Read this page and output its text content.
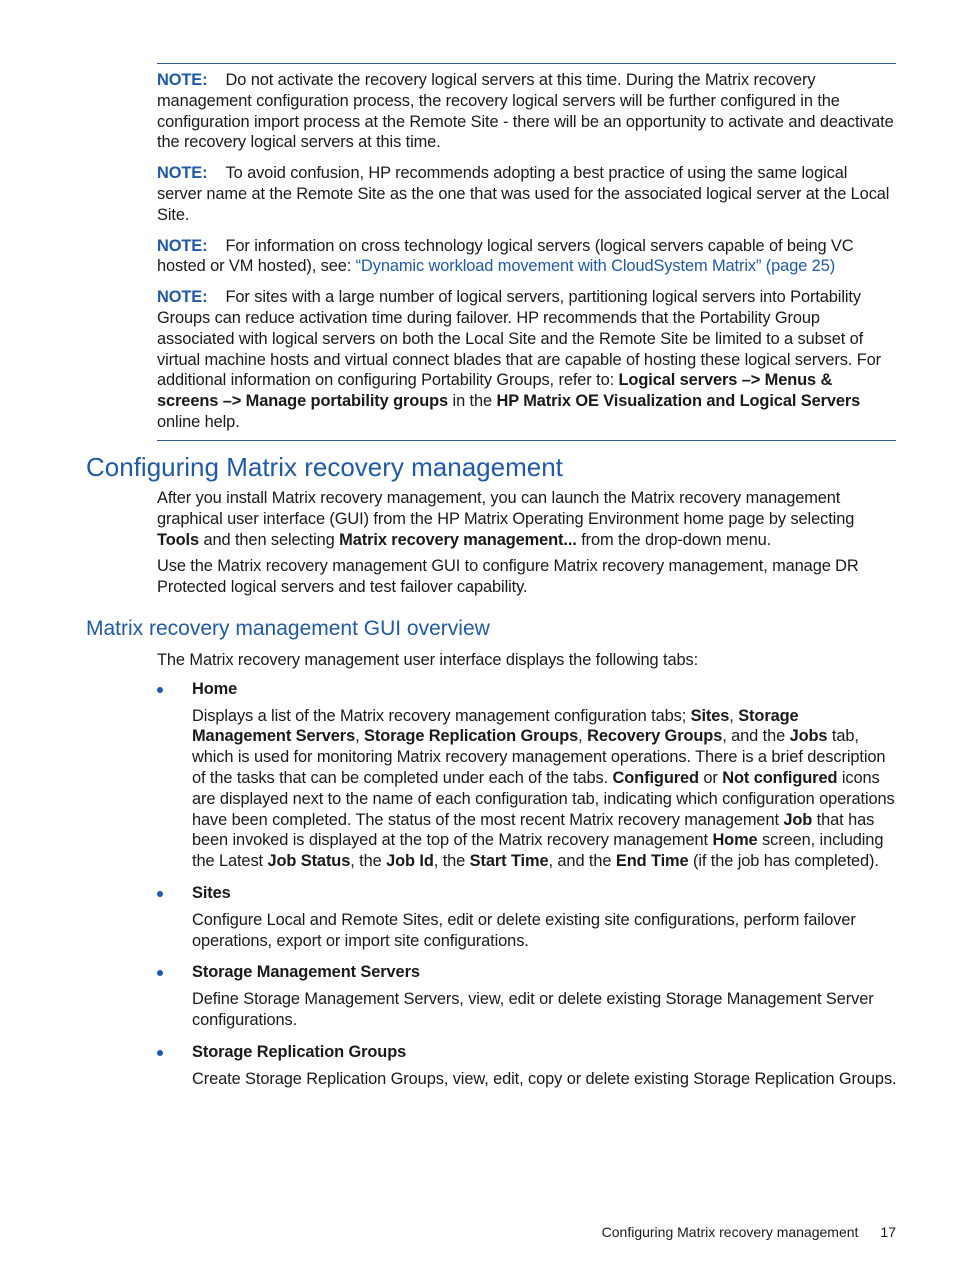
NOTE: Do not activate the recovery logical servers at this time. During the Matrix recovery management configuration process, the recovery logical servers will be further configured in the configuration import process at the Remote Site - there will be an opportunity to activate and deactivate the recovery logical servers at this time.

NOTE: To avoid confusion, HP recommends adopting a best practice of using the same logical server name at the Remote Site as the one that was used for the associated logical server at the Local Site.

NOTE: For information on cross technology logical servers (logical servers capable of being VC hosted or VM hosted), see: “Dynamic workload movement with CloudSystem Matrix” (page 25)

NOTE: For sites with a large number of logical servers, partitioning logical servers into Portability Groups can reduce activation time during failover. HP recommends that the Portability Group associated with logical servers on both the Local Site and the Remote Site be limited to a subset of virtual machine hosts and virtual connect blades that are capable of hosting these logical servers. For additional information on configuring Portability Groups, refer to: Logical servers –> Menus & screens –> Manage portability groups in the HP Matrix OE Visualization and Logical Servers online help.

Configuring Matrix recovery management

After you install Matrix recovery management, you can launch the Matrix recovery management graphical user interface (GUI) from the HP Matrix Operating Environment home page by selecting Tools and then selecting Matrix recovery management... from the drop-down menu.

Use the Matrix recovery management GUI to configure Matrix recovery management, manage DR Protected logical servers and test failover capability.

Matrix recovery management GUI overview

The Matrix recovery management user interface displays the following tabs:

Home

Displays a list of the Matrix recovery management configuration tabs; Sites, Storage Management Servers, Storage Replication Groups, Recovery Groups, and the Jobs tab, which is used for monitoring Matrix recovery management operations. There is a brief description of the tasks that can be completed under each of the tabs. Configured or Not configured icons are displayed next to the name of each configuration tab, indicating which configuration operations have been completed. The status of the most recent Matrix recovery management Job that has been invoked is displayed at the top of the Matrix recovery management Home screen, including the Latest Job Status, the Job Id, the Start Time, and the End Time (if the job has completed).

Sites

Configure Local and Remote Sites, edit or delete existing site configurations, perform failover operations, export or import site configurations.

Storage Management Servers

Define Storage Management Servers, view, edit or delete existing Storage Management Server configurations.

Storage Replication Groups

Create Storage Replication Groups, view, edit, copy or delete existing Storage Replication Groups.

Configuring Matrix recovery management 17
